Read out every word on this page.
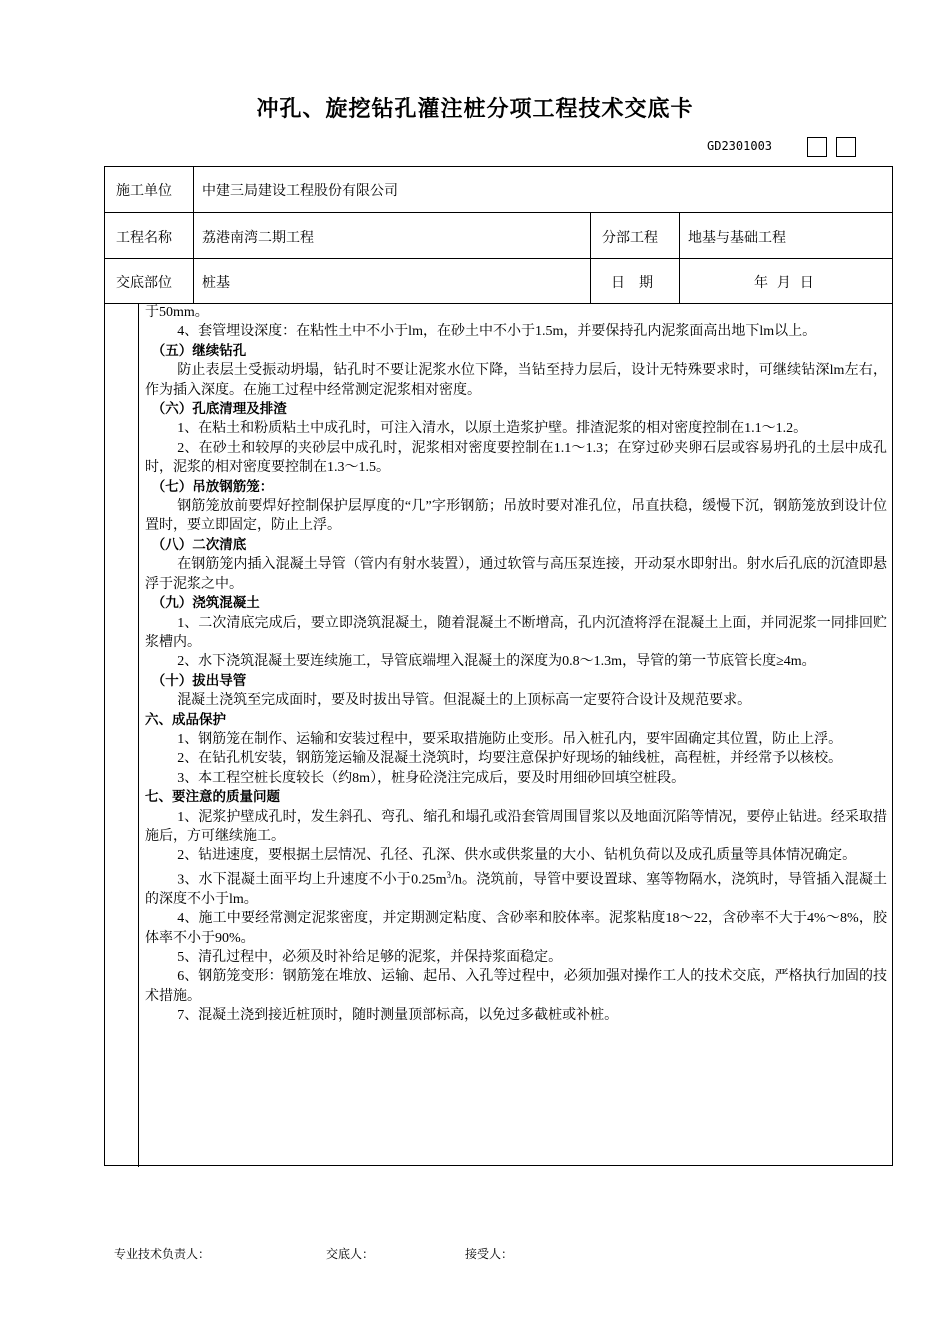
冲孔、旋挖钻孔灌注桩分项工程技术交底卡
GD2301003
施工单位 中建三局建设工程股份有限公司
工程名称 荔港南湾二期工程	分部工程 地基与基础工程
交底部位 桩基	日　期	年  月  日

于50mm。

4、套管埋设深度：在粘性土中不小于lm，在砂土中不小于1.5m，并要保持孔内泥浆面高出地下lm以上。

（五）继续钻孔

防止表层土受振动坍塌，钻孔时不要让泥浆水位下降，当钻至持力层后，设计无特殊要求时，可继续钻深lm左右，作为插入深度。在施工过程中经常测定泥浆相对密度。

（六）孔底清理及排渣

1、在粘土和粉质粘土中成孔时，可注入清水，以原土造浆护壁。排渣泥浆的相对密度控制在1.1～1.2。

2、在砂土和较厚的夹砂层中成孔时，泥浆相对密度要控制在1.1～1.3；在穿过砂夹卵石层或容易坍孔的土层中成孔时，泥浆的相对密度要控制在1.3～1.5。

（七）吊放钢筋笼：

钢筋笼放前要焊好控制保护层厚度的“几”字形钢筋；吊放时要对准孔位，吊直扶稳，缓慢下沉，钢筋笼放到设计位置时，要立即固定，防止上浮。

（八）二次清底

在钢筋笼内插入混凝土导管（管内有射水装置），通过软管与高压泵连接，开动泵水即射出。射水后孔底的沉渣即悬浮于泥浆之中。

（九）浇筑混凝土

1、二次清底完成后，要立即浇筑混凝土，随着混凝土不断增高，孔内沉渣将浮在混凝土上面，并同泥浆一同排回贮浆槽内。

2、水下浇筑混凝土要连续施工，导管底端埋入混凝土的深度为0.8～1.3m，导管的第一节底管长度≥4m。

（十）拔出导管

混凝土浇筑至完成面时，要及时拔出导管。但混凝土的上顶标高一定要符合设计及规范要求。

六、成品保护

1、钢筋笼在制作、运输和安装过程中，要采取措施防止变形。吊入桩孔内，要牢固确定其位置，防止上浮。

2、在钻孔机安装，钢筋笼运输及混凝土浇筑时，均要注意保护好现场的轴线桩，高程桩，并经常予以核校。

3、本工程空桩长度较长（约8m），桩身砼浇注完成后，要及时用细砂回填空桩段。

七、要注意的质量问题

1、泥浆护壁成孔时，发生斜孔、弯孔、缩孔和塌孔或沿套管周围冒浆以及地面沉陷等情况，要停止钻进。经采取措施后，方可继续施工。

2、钻进速度，要根据土层情况、孔径、孔深、供水或供浆量的大小、钻机负荷以及成孔质量等具体情况确定。

3、水下混凝土面平均上升速度不小于$0.25m^3/h$。浇筑前，导管中要设置球、塞等物隔水，浇筑时，导管插入混凝土的深度不小于lm。

4、施工中要经常测定泥浆密度，并定期测定粘度、含砂率和胶体率。泥浆粘度18～22，含砂率不大于4%～8%，胶体率不小于90%。

5、清孔过程中，必须及时补给足够的泥浆，并保持浆面稳定。

6、钢筋笼变形：钢筋笼在堆放、运输、起吊、入孔等过程中，必须加强对操作工人的技术交底，严格执行加固的技术措施。

7、混凝土浇到接近桩顶时，随时测量顶部标高，以免过多截桩或补桩。

专业技术负责人：	交底人：	接受人：
